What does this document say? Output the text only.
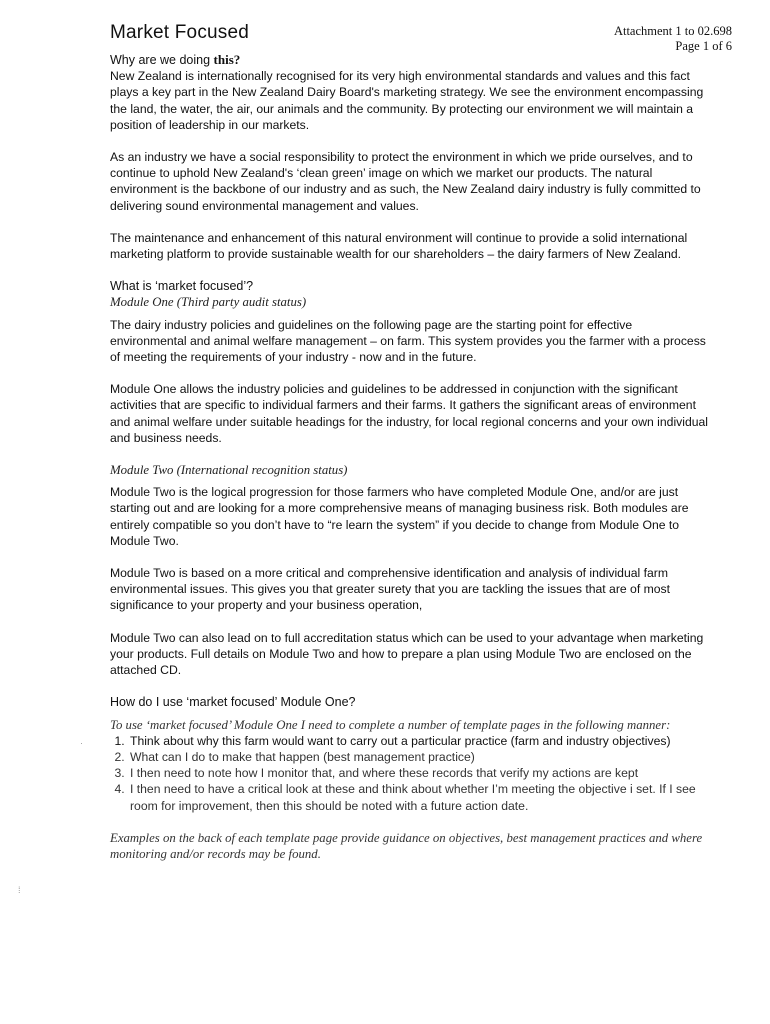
Market Focused	Attachment 1 to 02.698
Page 1 of 6
Why are we doing this?

New Zealand is internationally recognised for its very high environmental standards and values and this fact plays a key part in the New Zealand Dairy Board's marketing strategy. We see the environment encompassing the land, the water, the air, our animals and the community. By protecting our environment we will maintain a position of leadership in our markets.

As an industry we have a social responsibility to protect the environment in which we pride ourselves, and to continue to uphold New Zealand's ‘clean green’ image on which we market our products. The natural environment is the backbone of our industry and as such, the New Zealand dairy industry is fully committed to delivering sound environmental management and values.

The maintenance and enhancement of this natural environment will continue to provide a solid international marketing platform to provide sustainable wealth for our shareholders – the dairy farmers of New Zealand.

What is ‘market focused’?
Module One (Third party audit status)

The dairy industry policies and guidelines on the following page are the starting point for effective environmental and animal welfare management – on farm. This system provides you the farmer with a process of meeting the requirements of your industry - now and in the future.

Module One allows the industry policies and guidelines to be addressed in conjunction with the significant activities that are specific to individual farmers and their farms. It gathers the significant areas of environment and animal welfare under suitable headings for the industry, for local regional concerns and your own individual and business needs.

Module Two (International recognition status)

Module Two is the logical progression for those farmers who have completed Module One, and/or are just starting out and are looking for a more comprehensive means of managing business risk. Both modules are entirely compatible so you don’t have to “re learn the system” if you decide to change from Module One to Module Two.

Module Two is based on a more critical and comprehensive identification and analysis of individual farm environmental issues. This gives you that greater surety that you are tackling the issues that are of most significance to your property and your business operation,

Module Two can also lead on to full accreditation status which can be used to your advantage when marketing your products. Full details on Module Two and how to prepare a plan using Module Two are enclosed on the attached CD.

How do I use ‘market focused’ Module One?
To use ‘market focused’ Module One I need to complete a number of template pages in the following manner:
1. Think about why this farm would want to carry out a particular practice (farm and industry objectives)
2. What can I do to make that happen (best management practice)
3. I then need to note how I monitor that, and where these records that verify my actions are kept
4. I then need to have a critical look at these and think about whether I’m meeting the objective i set. If I see room for improvement, then this should be noted with a future action date.
Examples on the back of each template page provide guidance on objectives, best management practices and where monitoring and/or records may be found.
·
⁞
